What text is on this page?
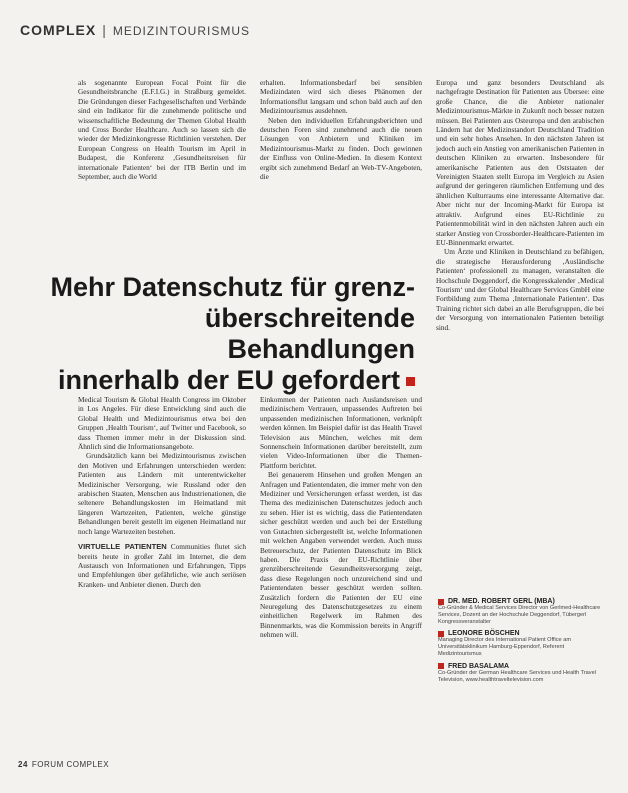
COMPLEX | MEDIZINTOURISMUS

als sogenannte European Focal Point für die Gesundheitsbranche (E.F.I.G.) in Straßburg gemeldet. Die Gründungen dieser Fachgesellschaften und Verbände sind ein Indikator für die zunehmende politische und wissenschaftliche Bedeutung der Themen Global Health und Cross Border Healthcare. Auch so lassen sich die wieder der Medizinkongresse Richtlinien verstehen. Der European Congress on Health Tourism im April in Budapest, die Konferenz ‚Gesundheitsreisen für internationale Patienten‘ bei der ITB Berlin und im September, auch die World

erhalten. Informationsbedarf bei sensiblen Medizindaten wird sich dieses Phänomen der Informationsflut langsam und schon bald auch auf den Medizintourismus ausdehnen.

Neben den individuellen Erfahrungsberichten und deutschen Foren sind zunehmend auch die neuen Lösungen von Anbietern und Kliniken im Medizintourismus-Markt zu finden. Doch gewinnen der Einfluss von Online-Medien. In diesem Kontext ergibt sich zunehmend Bedarf an Web-TV-Angeboten, die

Europa und ganz besonders Deutschland als nachgefragte Destination für Patienten aus Übersee: eine große Chance, die die Anbieter nationaler Medizintourismus-Märkte in Zukunft noch besser nutzen müssen. Bei Patienten aus Osteuropa und den arabischen Ländern hat der Medizinstandort Deutschland Tradition und ein sehr hohes Ansehen. In den nächsten Jahren ist jedoch auch ein Anstieg von amerikanischen Patienten in deutschen Kliniken zu erwarten. Insbesondere für amerikanische Patienten aus den Oststaaten der Vereinigten Staaten stellt Europa im Vergleich zu Asien aufgrund der geringeren räumlichen Entfernung und des ähnlichen Kulturraums eine interessante Alternative dar. Aber nicht nur der Incoming-Markt für Europa ist attraktiv. Aufgrund eines EU-Richtlinie zu Patientenmobilität wird in den nächsten Jahren auch ein starker Anstieg von Crossborder-Healthcare-Patienten im EU-Binnenmarkt erwartet.

Um Ärzte und Kliniken in Deutschland zu befähigen, die strategische Herausforderung ‚Ausländische Patienten‘ professionell zu managen, veranstalten die Hochschule Deggendorf, die Kongresskalender ‚Medical Tourism‘ und der Global Healthcare Services GmbH eine Fortbildung zum Thema ‚Internationale Patienten‘. Das Training richtet sich dabei an alle Berufsgruppen, die bei der Versorgung von internationalen Patienten beteiligt sind.

Mehr Datenschutz für grenz-
überschreitende Behandlungen
innerhalb der EU gefordert

Medical Tourism & Global Health Congress im Oktober in Los Angeles. Für diese Entwicklung sind auch die Global Health und Medizintourismus etwa bei den Gruppen ‚Health Tourism‘, auf Twitter und Facebook, so dass Themen immer mehr in der Diskussion sind. Ähnlich sind die Informationsangebote.

Grundsätzlich kann bei Medizintourismus zwischen den Motiven und Erfahrungen unterschieden werden: Patienten aus Ländern mit unterentwickelter Medizinischer Versorgung, wie Russland oder den arabischen Staaten, Menschen aus Industrienationen, die seltenere Behandlungskosten im Heimatland mit längeren Wartezeiten, Patienten, welche günstige Behandlungen bereit gestellt im eigenen Heimatland nur noch lange Wartezeiten bestehen.

VIRTUELLE PATIENTEN Communities flutet sich bereits heute in großer Zahl im Internet, die dem Austausch von Informationen und Erfahrungen, Tipps und Empfehlungen über gefährliche, wie auch seriösen Kranken- und Anbieter dienen. Durch den

Einkommen der Patienten nach Auslandsreisen und medizinischem Vertrauen, unpassendes Auftreten bei unpassenden medizinischen Informationen, verknüpft werden können. Im Beispiel dafür ist das Health Travel Television aus München, welches mit dem Sonnenschein Informationen darüber bereitstellt, zum vielen Video-Informationen über die Themen-Plattform berichtet.

Bei genauerem Hinsehen und großen Mengen an Anfragen und Patientendaten, die immer mehr von den Mediziner und Versicherungen erfasst werden, ist das Thema des medizinischen Datenschutzes jedoch auch zu sehen. Hier ist es wichtig, dass die Patientendaten sicher geschützt werden und auch bei der Erstellung von Gutachten sichergestellt ist, welche Informationen mit welchen Angaben verwendet werden. Auch muss Betreuerschutz, der Patienten Datenschutz im Blick haben. Die Praxis der EU-Richtlinie über grenzüberschreitende Gesundheitsversorgung zeigt, dass diese Regelungen noch unzureichend sind und Patientendaten besser geschützt werden sollten. Zusätzlich fordern die Patienten der EU eine Neuregelung des Datenschutzgesetzes zu einem einheitlichen Regelwerk im Rahmen des Binnenmarkts, was die Kommission bereits in Angriff nehmen will.

DR. MED. ROBERT GERL (MBA)
Co-Gründer & Medical Services Director von Gerlmed-Healthcare Services, Dozent an der Hochschule Deggendorf, Tübergerl Kongressveranstalter
LEONORE BÖSCHEN
Managing Director des International Patient Office am Universitätsklinikum Hamburg-Eppendorf, Referent Medizintourismus
FRED BASALAMA
Co-Gründer der German Healthcare Services und Health Travel Television, www.healthtraveltelevision.com
24 FORUM COMPLEX
